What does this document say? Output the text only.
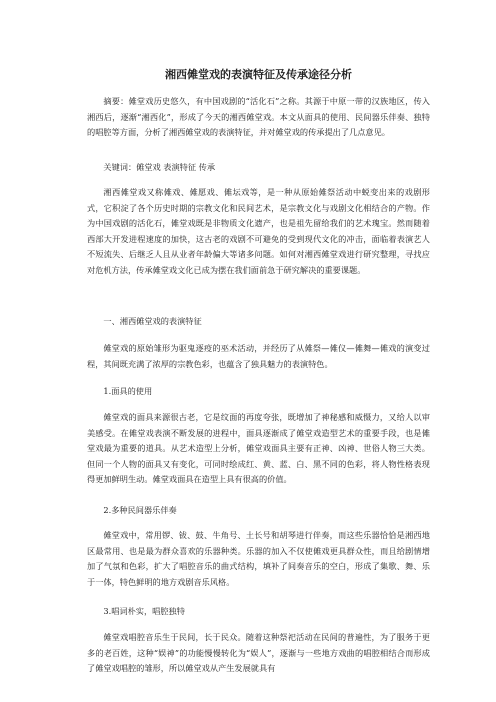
湘西傩堂戏的表演特征及传承途径分析

摘要：傩堂戏历史悠久，有中国戏剧的“活化石”之称。其源于中原一带的汉族地区，传入湘西后，逐渐“湘西化”，形成了今天的湘西傩堂戏。本文从面具的使用、民间器乐伴奏、独特的唱腔等方面，分析了湘西傩堂戏的表演特征，并对傩堂戏的传承提出了几点意见。

关键词：傩堂戏 表演特征 传承

湘西傩堂戏又称傩戏、傩愿戏、傩坛戏等，是一种从原始傩祭活动中蜕变出来的戏剧形式，它积淀了各个历史时期的宗教文化和民间艺术，是宗教文化与戏剧文化相结合的产物。作为中国戏剧的活化石，傩堂戏既是非物质文化遗产，也是祖先留给我们的艺术瑰宝。然而随着西部大开发进程速度的加快，这古老的戏剧不可避免的受到现代文化的冲击，面临着表演艺人不短流失、后继乏人且从业者年龄偏大等诸多问题。如何对湘西傩堂戏进行研究整理，寻找应对危机方法，传承傩堂戏文化已成为摆在我们面前急于研究解决的重要课题。

一、湘西傩堂戏的表演特征

傩堂戏的原始雏形为驱鬼逐疫的巫术活动，并经历了从傩祭—傩仪—傩舞—傩戏的演变过程，其间既充满了浓厚的宗教色彩，也蕴含了独具魅力的表演特色。

1.面具的使用

傩堂戏的面具来源很古老，它是纹面的再度夸张，既增加了神秘感和威慑力，又给人以审美感受。在傩堂戏表演不断发展的进程中，面具逐渐成了傩堂戏造型艺术的重要手段，也是傩堂戏最为重要的道具。从艺术造型上分析，傩堂戏面具主要有正神、凶神、世俗人物三大类。但同一个人物的面具又有变化，可同时绘成红、黄、蓝、白、黑不同的色彩，将人物性格表现得更加鲜明生动。傩堂戏面具在造型上具有很高的价值。

2.多种民间器乐伴奏

傩堂戏中，常用锣、钹、鼓、牛角号、土长号和胡琴进行伴奏，而这些乐器恰恰是湘西地区最常用、也是最为群众喜欢的乐器种类。乐器的加入不仅使傩戏更具群众性，而且给剧情增加了气氛和色彩，扩大了唱腔音乐的曲式结构，填补了间奏音乐的空白，形成了集歌、舞、乐于一体，特色鲜明的地方戏剧音乐风格。

3.唱词朴实，唱腔独特

傩堂戏唱腔音乐生于民间，长于民众。随着这种祭祀活动在民间的普遍性，为了服务于更多的老百姓，这种“娱神”的功能慢慢转化为“娱人”，逐渐与一些地方戏曲的唱腔相结合而形成了傩堂戏唱腔的雏形，所以傩堂戏从产生发展就具有
